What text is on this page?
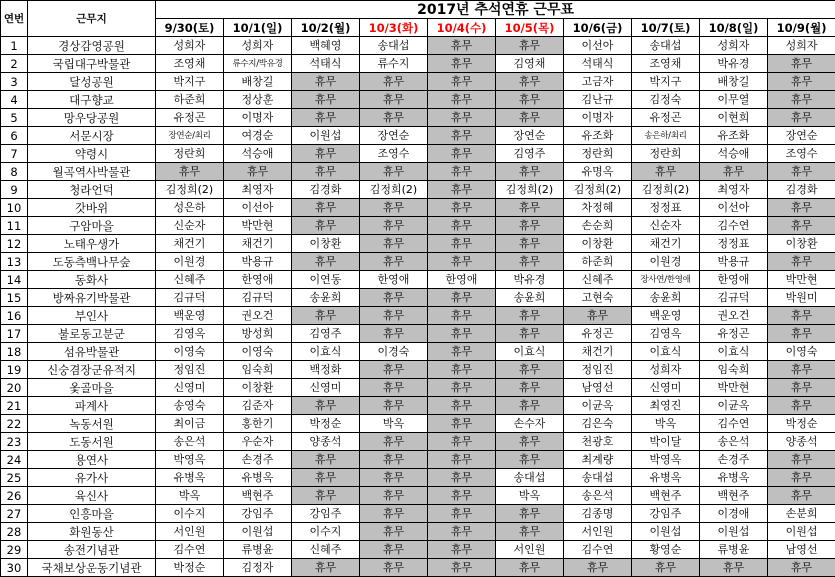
연번	근무지	2017년 추석연휴 근무표									
		9/30(토)	10/1(일)	10/2(월)	10/3(화)	10/4(수)	10/5(목)	10/6(금)	10/7(토)	10/8(일)	10/9(월)
1	경상감영공원	성희자	성희자	백혜영	송대섭	휴무	휴무	이선아	송대섭	성희자	성희자
2	국립대구박물관	조영채	류수지/박유경	석태식	류수지	휴무	김영채	석태식	조영채	박유경	휴무
3	달성공원	박지구	배창길	휴무	휴무	휴무	휴무	고금자	박지구	배창길	휴무
4	대구향교	하준희	정상훈	휴무	휴무	휴무	휴무	김난규	김정숙	이무열	휴무
5	망우당공원	유정곤	이명자	휴무	휴무	휴무	휴무	이명자	유정곤	이현희	휴무
6	서문시장	장연순/최리	여경순	이원섭	장연순	휴무	장연순	유조화	송은하/최리	유조화	장연순
7	약령시	정란희	석승애	휴무	조영수	휴무	김영주	정란희	정란희	석승애	조영수
8	월곡역사박물관	휴무	휴무	휴무	휴무	휴무	휴무	유명옥	휴무	휴무	휴무
9	청라언덕	김정희(2)	최영자	김경화	김정희(2)	휴무	김정희(2)	김정희(2)	김정희(2)	최영자	김경화
10	갓바위	성은하	이선아	휴무	휴무	휴무	휴무	차정혜	정정표	이선아	휴무
11	구암마을	신순자	박만현	휴무	휴무	휴무	휴무	손순희	신순자	김수연	휴무
12	노태우생가	채건기	채건기	이창환	휴무	휴무	휴무	이창환	채건기	정정표	이창환
13	도동측백나무숲	이원경	박용규	휴무	휴무	휴무	휴무	하준희	이원경	박용규	휴무
14	동화사	신혜주	한영애	이연동	한영애	한영애	박유경	신혜주	장사연/한영애	한영애	박만현
15	방짜유기박물관	김규덕	김규덕	송윤희	휴무	휴무	송윤희	고현숙	송윤희	김규덕	박원미
16	부인사	백운영	권오건	휴무	휴무	휴무	휴무	휴무	백운영	권오건	휴무
17	불로동고분군	김영옥	방성희	김영주	휴무	휴무	휴무	유정곤	김영옥	유정곤	휴무
18	섬유박물관	이영숙	이영숙	이효식	이경숙	휴무	이효식	채건기	이효식	이효식	이영숙
19	신숭겸장군유적지	정임진	임숙희	백정화	휴무	휴무	휴무	정임진	성희자	임숙희	휴무
20	옻골마을	신영미	이창환	신영미	휴무	휴무	휴무	남영선	신영미	박만현	휴무
21	파계사	송영숙	김준자	휴무	휴무	휴무	휴무	이균옥	최영진	이균옥	휴무
22	녹동서원	최이금	홍한기	박정순	박옥	휴무	손수자	김은숙	박옥	김수연	박정순
23	도동서원	송은석	우순자	양종석	휴무	휴무	휴무	천광호	박이달	송은석	양종석
24	용연사	박영옥	손경주	휴무	휴무	휴무	휴무	최계량	박영옥	손경주	휴무
25	유가사	유병옥	유병옥	휴무	휴무	휴무	송대섭	송대섭	유병옥	유병옥	휴무
26	육신사	박옥	백현주	휴무	휴무	휴무	박옥	송은석	백현주	백현주	휴무
27	인흥마을	이수지	강임주	강임주	휴무	휴무	휴무	김종명	강임주	이경애	손분희
28	화원동산	서인원	이원섭	이수지	휴무	휴무	휴무	서인원	이원섭	이원섭	이원섭
29	송전기념관	김수연	류병윤	신혜주	휴무	휴무	서인원	김수연	황영순	류병윤	남영선
30	국채보상운동기념관	박정순	김정자	휴무	휴무	휴무	휴무	휴무	휴무	휴무	휴무
